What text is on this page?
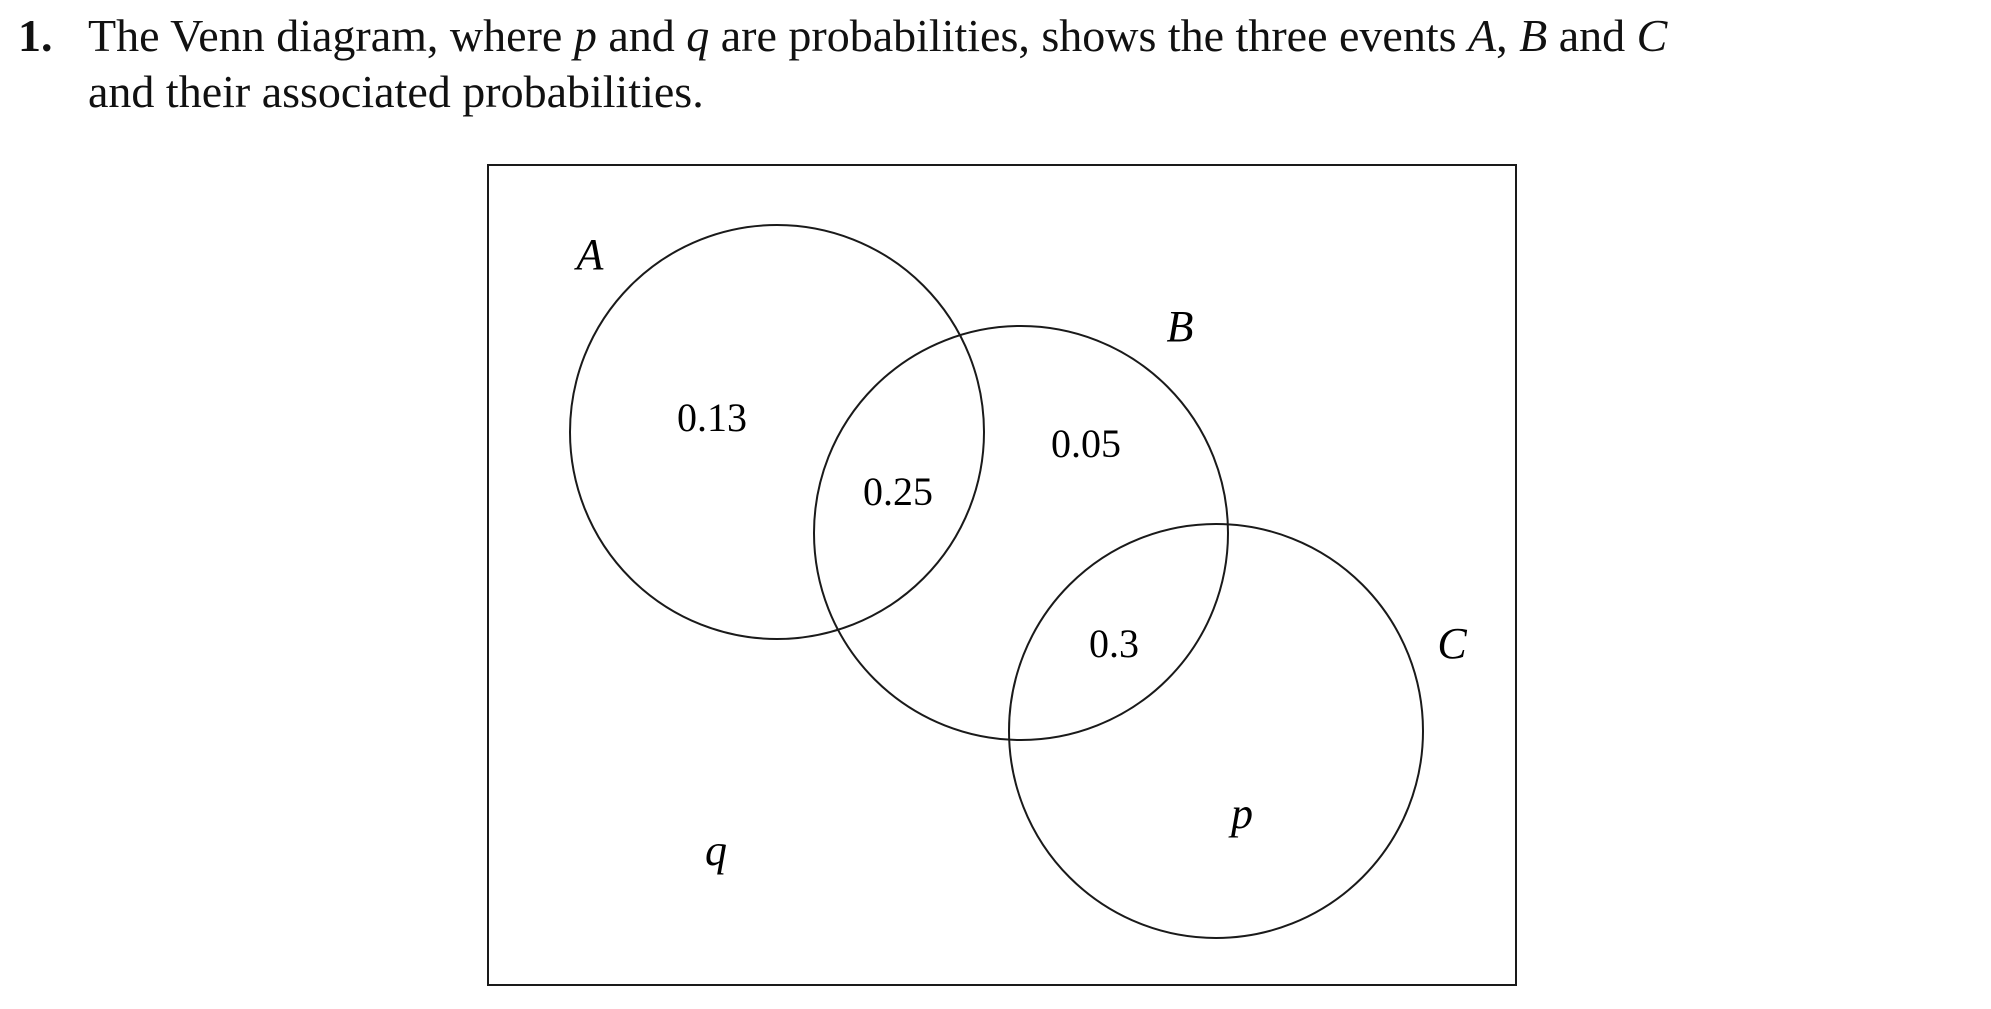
1. The Venn diagram, where p and q are probabilities, shows the three events A, B and C
and their associated probabilities.
A
B
C
0.13
0.25
0.05
0.3
p
q
